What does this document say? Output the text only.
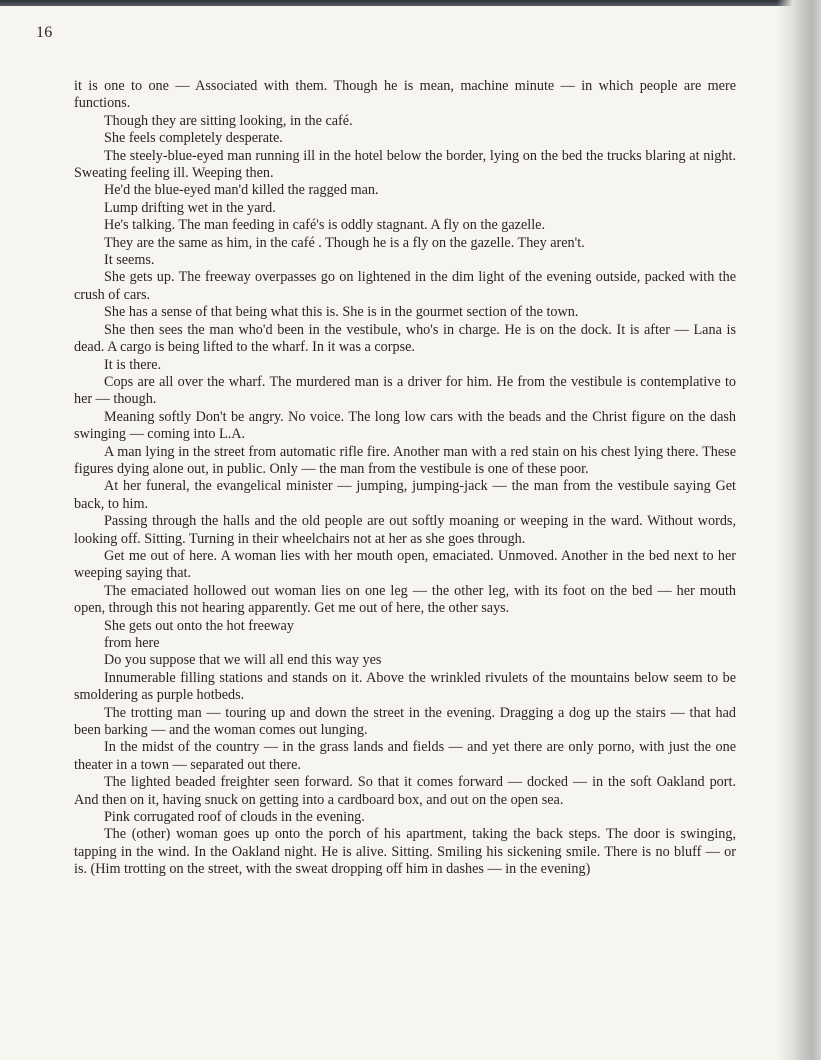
16

it is one to one — Associated with them. Though he is mean, machine minute — in which people are mere functions.

Though they are sitting looking, in the café.

She feels completely desperate.

The steely-blue-eyed man running ill in the hotel below the border, lying on the bed the trucks blaring at night. Sweating feeling ill. Weeping then.

He'd the blue-eyed man'd killed the ragged man.

Lump drifting wet in the yard.

He's talking. The man feeding in café's is oddly stagnant. A fly on the gazelle.

They are the same as him, in the café . Though he is a fly on the gazelle. They aren't.

It seems.

She gets up. The freeway overpasses go on lightened in the dim light of the evening outside, packed with the crush of cars.

She has a sense of that being what this is. She is in the gourmet section of the town.

She then sees the man who'd been in the vestibule, who's in charge. He is on the dock. It is after — Lana is dead. A cargo is being lifted to the wharf. In it was a corpse.

It is there.

Cops are all over the wharf. The murdered man is a driver for him. He from the vestibule is contemplative to her — though.

Meaning softly Don't be angry. No voice. The long low cars with the beads and the Christ figure on the dash swinging — coming into L.A.

A man lying in the street from automatic rifle fire. Another man with a red stain on his chest lying there. These figures dying alone out, in public. Only — the man from the vestibule is one of these poor.

At her funeral, the evangelical minister — jumping, jumping-jack — the man from the vestibule saying Get back, to him.

Passing through the halls and the old people are out softly moaning or weeping in the ward. Without words, looking off. Sitting. Turning in their wheelchairs not at her as she goes through.

Get me out of here. A woman lies with her mouth open, emaciated. Unmoved. Another in the bed next to her weeping saying that.

The emaciated hollowed out woman lies on one leg — the other leg, with its foot on the bed — her mouth open, through this not hearing apparently. Get me out of here, the other says.

She gets out onto the hot freeway

from here

Do you suppose that we will all end this way yes

Innumerable filling stations and stands on it. Above the wrinkled rivulets of the mountains below seem to be smoldering as purple hotbeds.

The trotting man — touring up and down the street in the evening. Dragging a dog up the stairs — that had been barking — and the woman comes out lunging.

In the midst of the country — in the grass lands and fields — and yet there are only porno, with just the one theater in a town — separated out there.

The lighted beaded freighter seen forward. So that it comes forward — docked — in the soft Oakland port. And then on it, having snuck on getting into a cardboard box, and out on the open sea.

Pink corrugated roof of clouds in the evening.

The (other) woman goes up onto the porch of his apartment, taking the back steps. The door is swinging, tapping in the wind. In the Oakland night. He is alive. Sitting. Smiling his sickening smile. There is no bluff — or is. (Him trotting on the street, with the sweat dropping off him in dashes — in the evening)
